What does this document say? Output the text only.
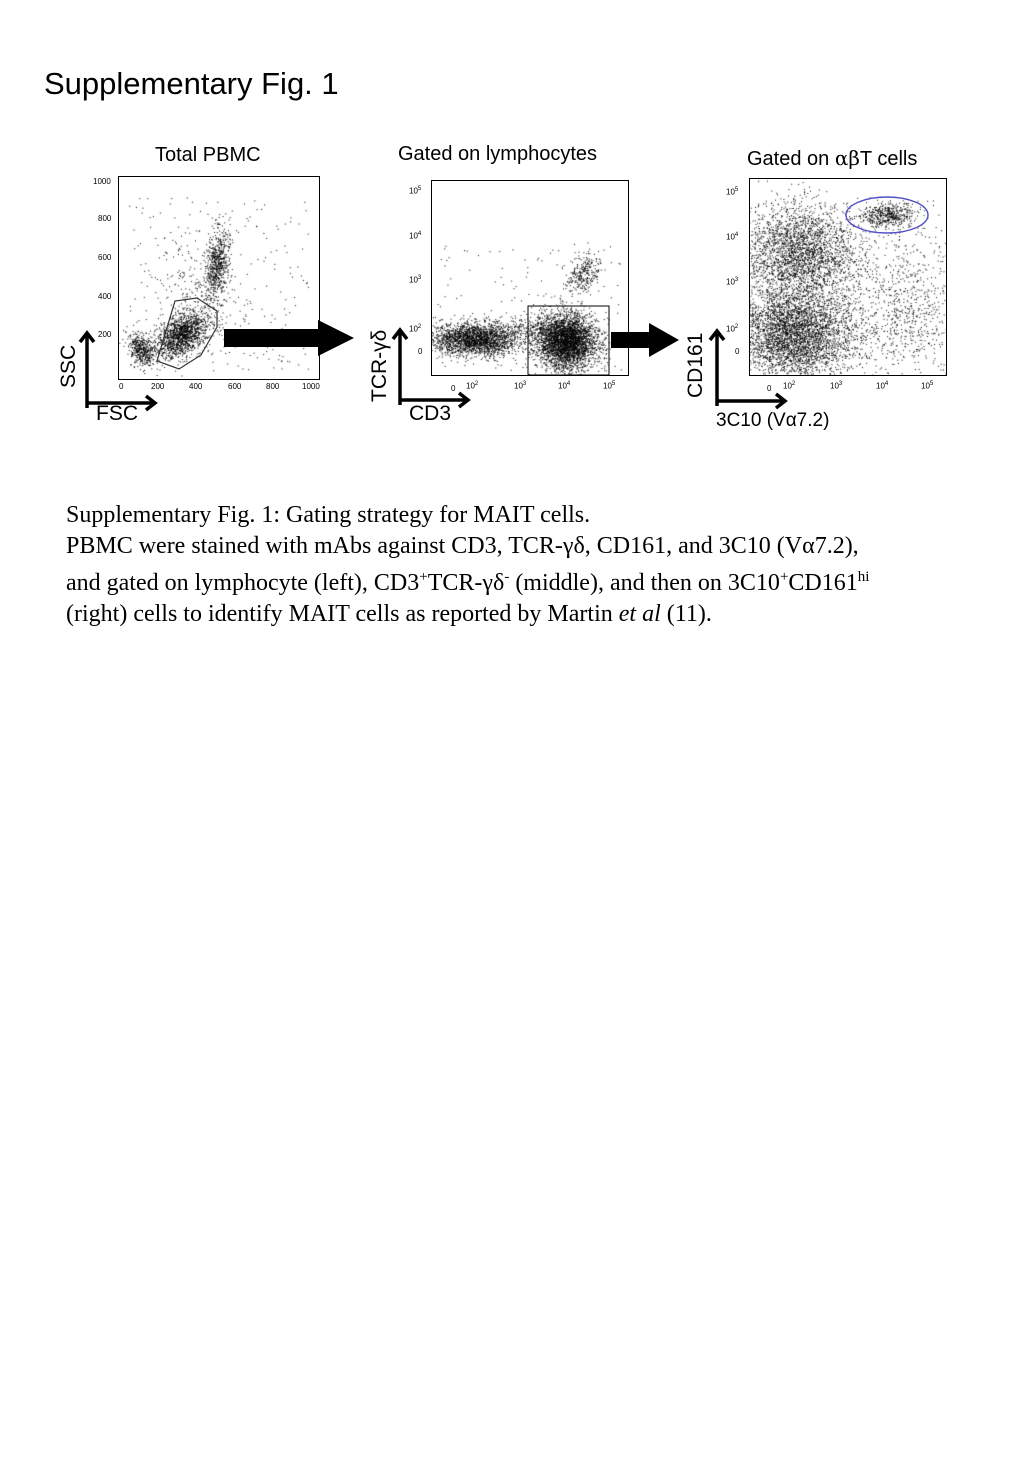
Supplementary Fig. 1
Total PBMC
1000
800
600
400
200
0	200	400	600	800	1000
SSC
FSC
Gated on lymphocytes
$10^5$
$10^4$
$10^3$
$10^2$
0
0 $10^2$	$10^3$	$10^4$	$10^5$
TCR-γδ
CD3
Gated on αβT cells
$10^5$
$10^4$
$10^3$
$10^2$
0
0 $10^2$	$10^3$	$10^4$	$10^5$
CD161
3C10 (Vα7.2)
Supplementary Fig. 1: Gating strategy for MAIT cells.
PBMC were stained with mAbs against CD3, TCR-γδ, CD161, and 3C10 (Vα7.2),
and gated on lymphocyte (left), CD3+TCR-γδ- (middle), and then on $3C10^+CD161^{hi}$
(right) cells to identify MAIT cells as reported by Martin et al (11).
